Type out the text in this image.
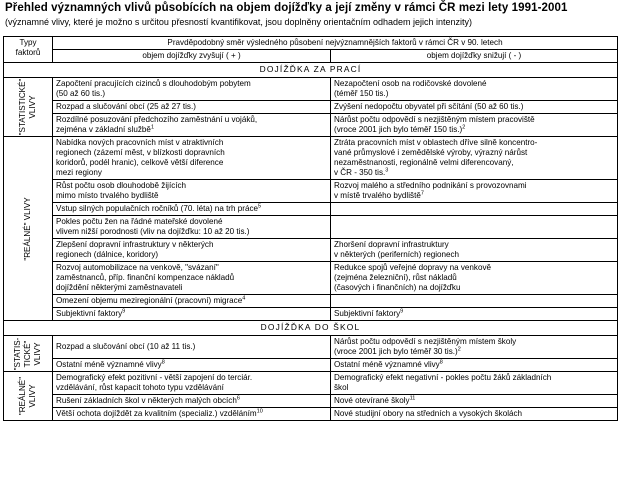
Přehled významných vlivů působících na objem dojížďky a její změny v rámci ČR mezi lety 1991-2001
(významné vlivy, které je možno s určitou přesností kvantifikovat, jsou doplněny orientačním odhadem jejich intenzity)
Typy faktorů	Pravděpodobný směr výsledného působení nejvýznamnějších faktorů v rámci ČR v 90. letech	
	objem dojížďky zvyšují ( + )	objem dojížďky snižují ( - )
DOJÍŽĎKA ZA PRACÍ		

"STATISTICKÉ" VLIVY	Započtení pracujících cizinců s dlouhodobým pobytem
(50 až 60 tis.)	Nezapočtení osob na rodičovské dovolené
(téměř 150 tis.)

	Rozpad a slučování obcí (25 až 27 tis.)	Zvýšení nedopočtu obyvatel při sčítání (50 až 60 tis.)

	Rozdílné posuzování předchozího zaměstnání u vojáků,
zejména v základní službě$^1$	Nárůst počtu odpovědí s nezjištěným místem pracoviště
(vroce 2001 jich bylo téměř 150 tis.)$^2$

"REÁLNÉ" VLIVY	Nabídka nových pracovních míst v atraktivních
regionech (zázemí měst, v blízkosti dopravních
koridorů, podél hranic), celkově větší diference
mezi regiony	Ztráta pracovních míst v oblastech dříve silně koncentro-
vané průmyslové i zemědělské výroby, výrazný nárůst
nezaměstnanosti, regionálně velmi diferencovaný,
v ČR - 350 tis.$^3$

	Růst počtu osob dlouhodobě žijících
mimo místo trvalého bydliště	Rozvoj malého a středního podnikání s provozovnami
v místě trvalého bydliště$^7$
	Vstup silných populačních ročníků (70. léta) na trh práce$^5$	

	Pokles počtu žen na řádné mateřské dovolené
vlivem nižší porodnosti (vliv na dojížďku: 10 až 20 tis.)	

	Zlepšení dopravní infrastruktury v některých
regionech (dálnice, koridory)	Zhoršení dopravní infrastruktury
v některých (periferních) regionech

	Rozvoj automobilizace na venkově, "svázaní"
zaměstnanců, příp. finanční kompenzace nákladů
dojíždění některými zaměstnavateli	Redukce spojů veřejné dopravy na venkově
(zejména železniční), růst nákladů
(časových i finančních) na dojížďku

	Omezení objemu meziregionální (pracovní) migrace$^4$	
	Subjektivní faktory$^9$	Subjektivní faktory$^9$
DOJÍŽĎKA DO ŠKOL		

"STATIS- TICKÉ" VLIVY	Rozpad a slučování obcí (10 až 11 tis.)	Nárůst počtu odpovědí s nezjištěným místem školy
(vroce 2001 jich bylo téměř 30 tis.)$^2$
	Ostatní méně významné vlivy$^8$	Ostatní méně významné vlivy$^8$

"REÁLNÉ" VLIVY	Demografický efekt pozitivní - větší zapojení do terciár.
vzdělávání, růst kapacit tohoto typu vzdělávání	Demografický efekt negativní - pokles počtu žáků základních
škol

	Rušení základních škol v některých malých obcích$^6$	Nové otevírané školy$^{11}$
	Větší ochota dojíždět za kvalitním (specializ.) vzděláním$^{10}$	Nové studijní obory na středních a vysokých školách
